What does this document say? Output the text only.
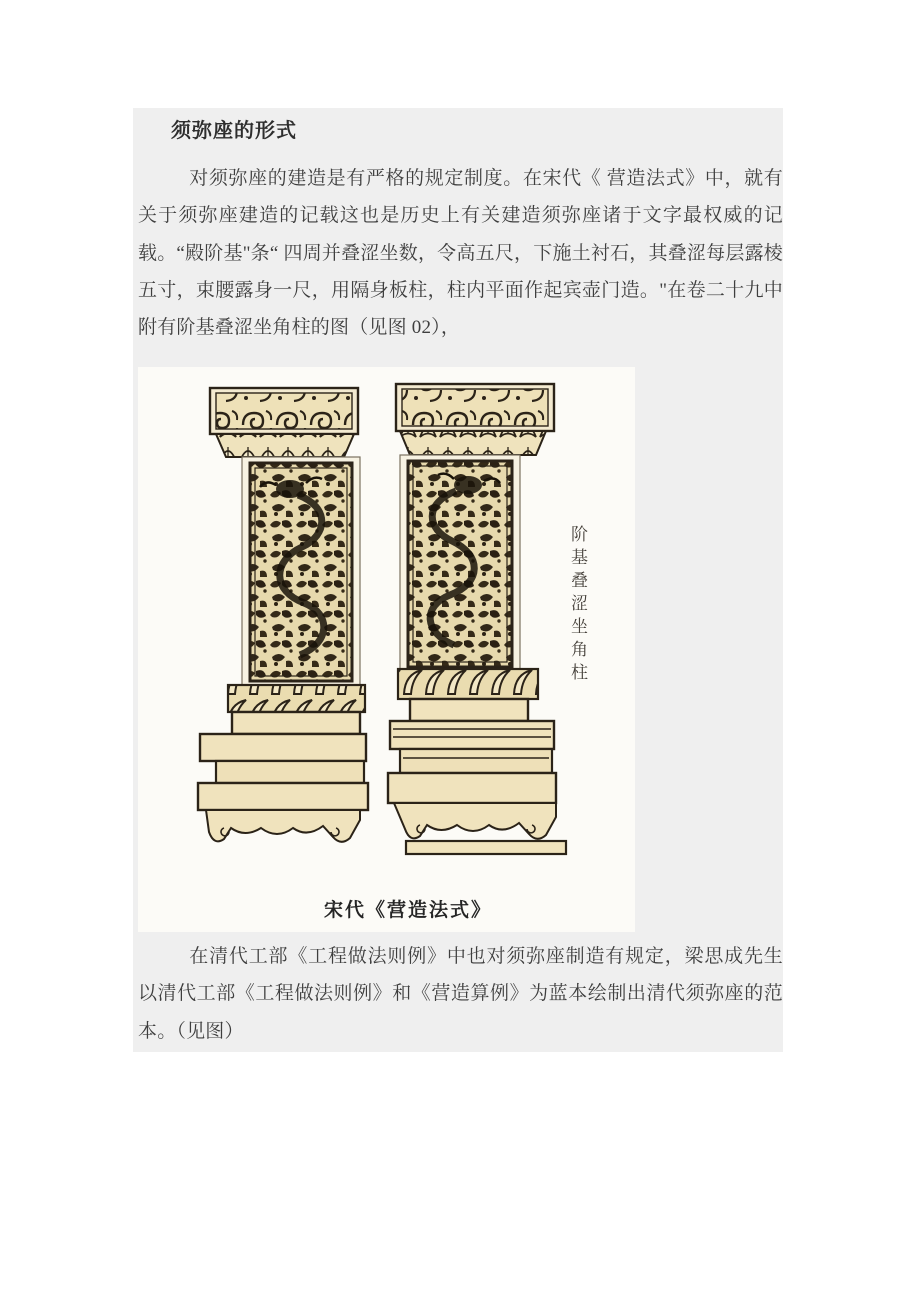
须弥座的形式

对须弥座的建造是有严格的规定制度。在宋代《 营造法式》中，就有关于须弥座建造的记载这也是历史上有关建造须弥座诸于文字最权威的记载。“殿阶基"条“ 四周并叠涩坐数，令高五尺，下施土衬石，其叠涩每层露棱五寸，束腰露身一尺，用隔身板柱，柱内平面作起宾壶门造。"在卷二十九中附有阶基叠涩坐角柱的图（见图 02），

阶基叠涩坐角柱
宋代《营造法式》

在清代工部《工程做法则例》中也对须弥座制造有规定，梁思成先生以清代工部《工程做法则例》和《营造算例》为蓝本绘制出清代须弥座的范本。（见图）
